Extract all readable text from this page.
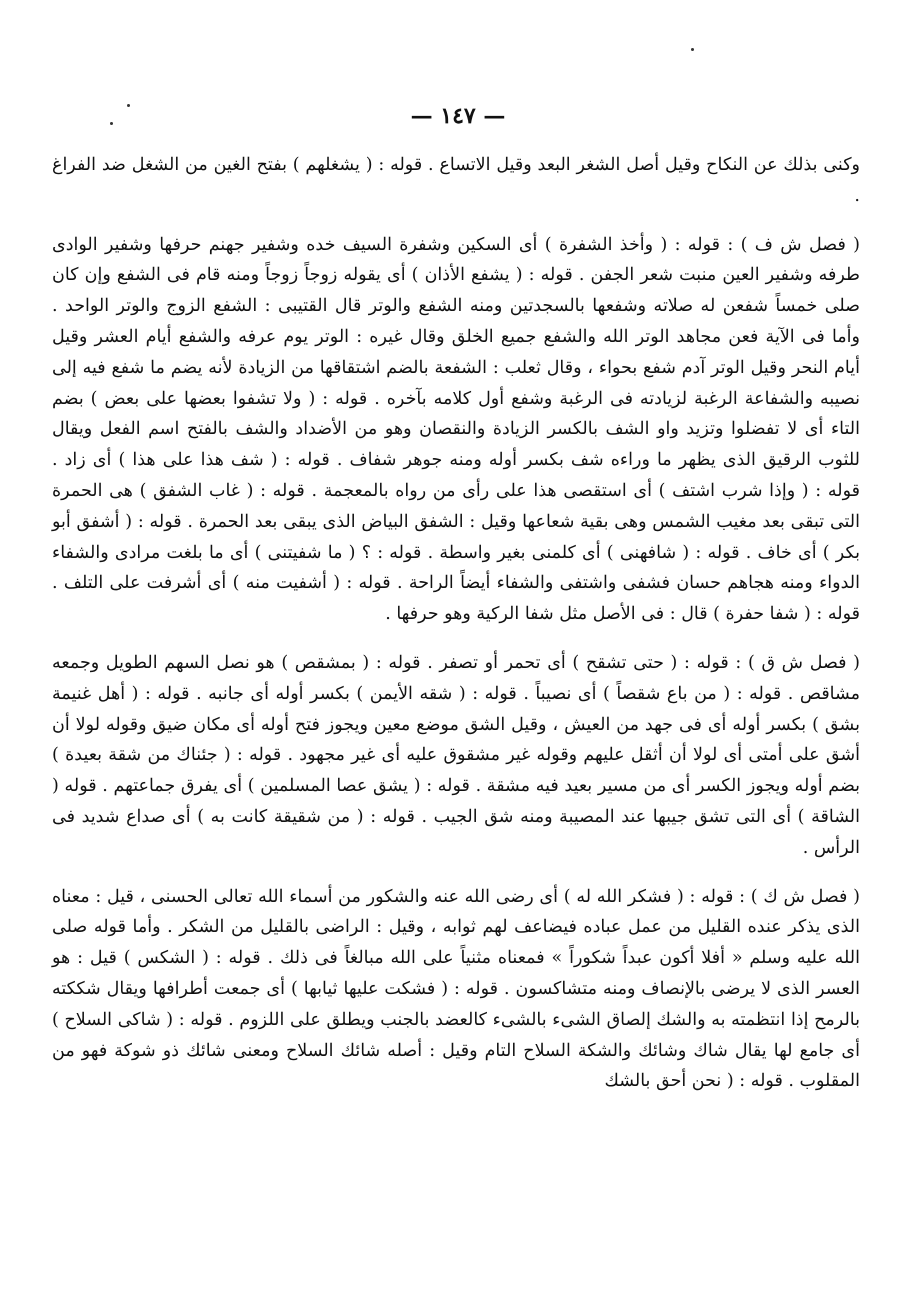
— ١٤٧ —

وكنى بذلك عن النكاح وقيل أصل الشغر البعد وقيل الاتساع . قوله : ( يشغلهم ) بفتح الغين من الشغل ضد الفراغ .

( فصل ش ف ) : قوله : ( وأخذ الشفرة ) أى السكين وشفرة السيف خده وشفير جهنم حرفها وشفير الوادى طرفه وشفير العين منبت شعر الجفن . قوله : ( يشفع الأذان ) أى يقوله زوجاً زوجاً ومنه قام فى الشفع وإن كان صلى خمساً شفعن له صلاته وشفعها بالسجدتين ومنه الشفع والوتر قال القتيبى : الشفع الزوج والوتر الواحد . وأما فى الآية فعن مجاهد الوتر الله والشفع جميع الخلق وقال غيره : الوتر يوم عرفه والشفع أيام العشر وقيل أيام النحر وقيل الوتر آدم شفع بحواء ، وقال ثعلب : الشفعة بالضم اشتقاقها من الزيادة لأنه يضم ما شفع فيه إلى نصيبه والشفاعة الرغبة لزيادته فى الرغبة وشفع أول كلامه بآخره . قوله : ( ولا تشفوا بعضها على بعض ) بضم التاء أى لا تفضلوا وتزيد واو الشف بالكسر الزيادة والنقصان وهو من الأضداد والشف بالفتح اسم الفعل ويقال للثوب الرقيق الذى يظهر ما وراءه شف بكسر أوله ومنه جوهر شفاف . قوله : ( شف هذا على هذا ) أى زاد . قوله : ( وإذا شرب اشتف ) أى استقصى هذا على رأى من رواه بالمعجمة . قوله : ( غاب الشفق ) هى الحمرة التى تبقى بعد مغيب الشمس وهى بقية شعاعها وقيل : الشفق البياض الذى يبقى بعد الحمرة . قوله : ( أشفق أبو بكر ) أى خاف . قوله : ( شافهنى ) أى كلمنى بغير واسطة . قوله : ؟ ( ما شفيتنى ) أى ما بلغت مرادى والشفاء الدواء ومنه هجاهم حسان فشفى واشتفى والشفاء أيضاً الراحة . قوله : ( أشفيت منه ) أى أشرفت على التلف . قوله : ( شفا حفرة ) قال : فى الأصل مثل شفا الركية وهو حرفها .

( فصل ش ق ) : قوله : ( حتى تشقح ) أى تحمر أو تصفر . قوله : ( بمشقص ) هو نصل السهم الطويل وجمعه مشاقص . قوله : ( من باع شقصاً ) أى نصيباً . قوله : ( شقه الأيمن ) بكسر أوله أى جانبه . قوله : ( أهل غنيمة بشق ) بكسر أوله أى فى جهد من العيش ، وقيل الشق موضع معين ويجوز فتح أوله أى مكان ضيق وقوله لولا أن أشق على أمتى أى لولا أن أثقل عليهم وقوله غير مشقوق عليه أى غير مجهود . قوله : ( جئناك من شقة بعيدة ) بضم أوله ويجوز الكسر أى من مسير بعيد فيه مشقة . قوله : ( يشق عصا المسلمين ) أى يفرق جماعتهم . قوله ( الشاقة ) أى التى تشق جيبها عند المصيبة ومنه شق الجيب . قوله : ( من شقيقة كانت به ) أى صداع شديد فى الرأس .

( فصل ش ك ) : قوله : ( فشكر الله له ) أى رضى الله عنه والشكور من أسماء الله تعالى الحسنى ، قيل : معناه الذى يذكر عنده القليل من عمل عباده فيضاعف لهم ثوابه ، وقيل : الراضى بالقليل من الشكر . وأما قوله صلى الله عليه وسلم « أفلا أكون عبداً شكوراً » فمعناه مثنياً على الله مبالغاً فى ذلك . قوله : ( الشكس ) قيل : هو العسر الذى لا يرضى بالإنصاف ومنه متشاكسون . قوله : ( فشكت عليها ثيابها ) أى جمعت أطرافها ويقال شككته بالرمح إذا انتظمته به والشك إلصاق الشىء بالشىء كالعضد بالجنب ويطلق على اللزوم . قوله : ( شاكى السلاح ) أى جامع لها يقال شاك وشائك والشكة السلاح التام وقيل : أصله شائك السلاح ومعنى شائك ذو شوكة فهو من المقلوب . قوله : ( نحن أحق بالشك
